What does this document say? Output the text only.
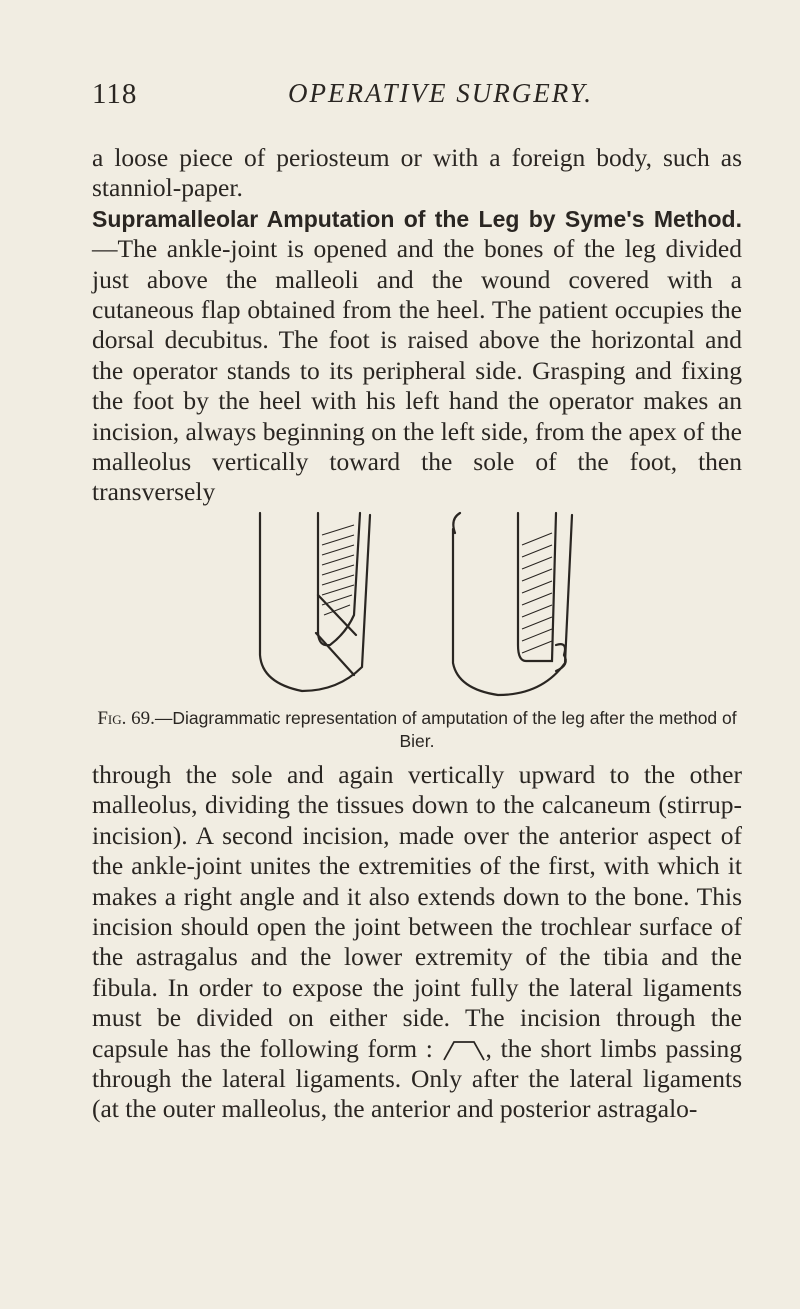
118	OPERATIVE SURGERY.

a loose piece of periosteum or with a foreign body, such as stanniol-paper.

Supramalleolar Amputation of the Leg by Syme's Method.—The ankle-joint is opened and the bones of the leg divided just above the malleoli and the wound covered with a cutaneous flap obtained from the heel. The patient occupies the dorsal decubitus. The foot is raised above the horizontal and the operator stands to its peripheral side. Grasping and fixing the foot by the heel with his left hand the operator makes an incision, always beginning on the left side, from the apex of the malleolus vertically toward the sole of the foot, then transversely

Fig. 69.—Diagrammatic representation of amputation of the leg after the method of Bier.

through the sole and again vertically upward to the other malleolus, dividing the tissues down to the calcaneum (stirrup-incision). A second incision, made over the anterior aspect of the ankle-joint unites the extremities of the first, with which it makes a right angle and it also extends down to the bone. This incision should open the joint between the trochlear surface of the astragalus and the lower extremity of the tibia and the fibula. In order to expose the joint fully the lateral ligaments must be divided on either side. The incision through the capsule has the following form : , the short limbs passing through the lateral ligaments. Only after the lateral ligaments (at the outer malleolus, the anterior and posterior astragalo-
